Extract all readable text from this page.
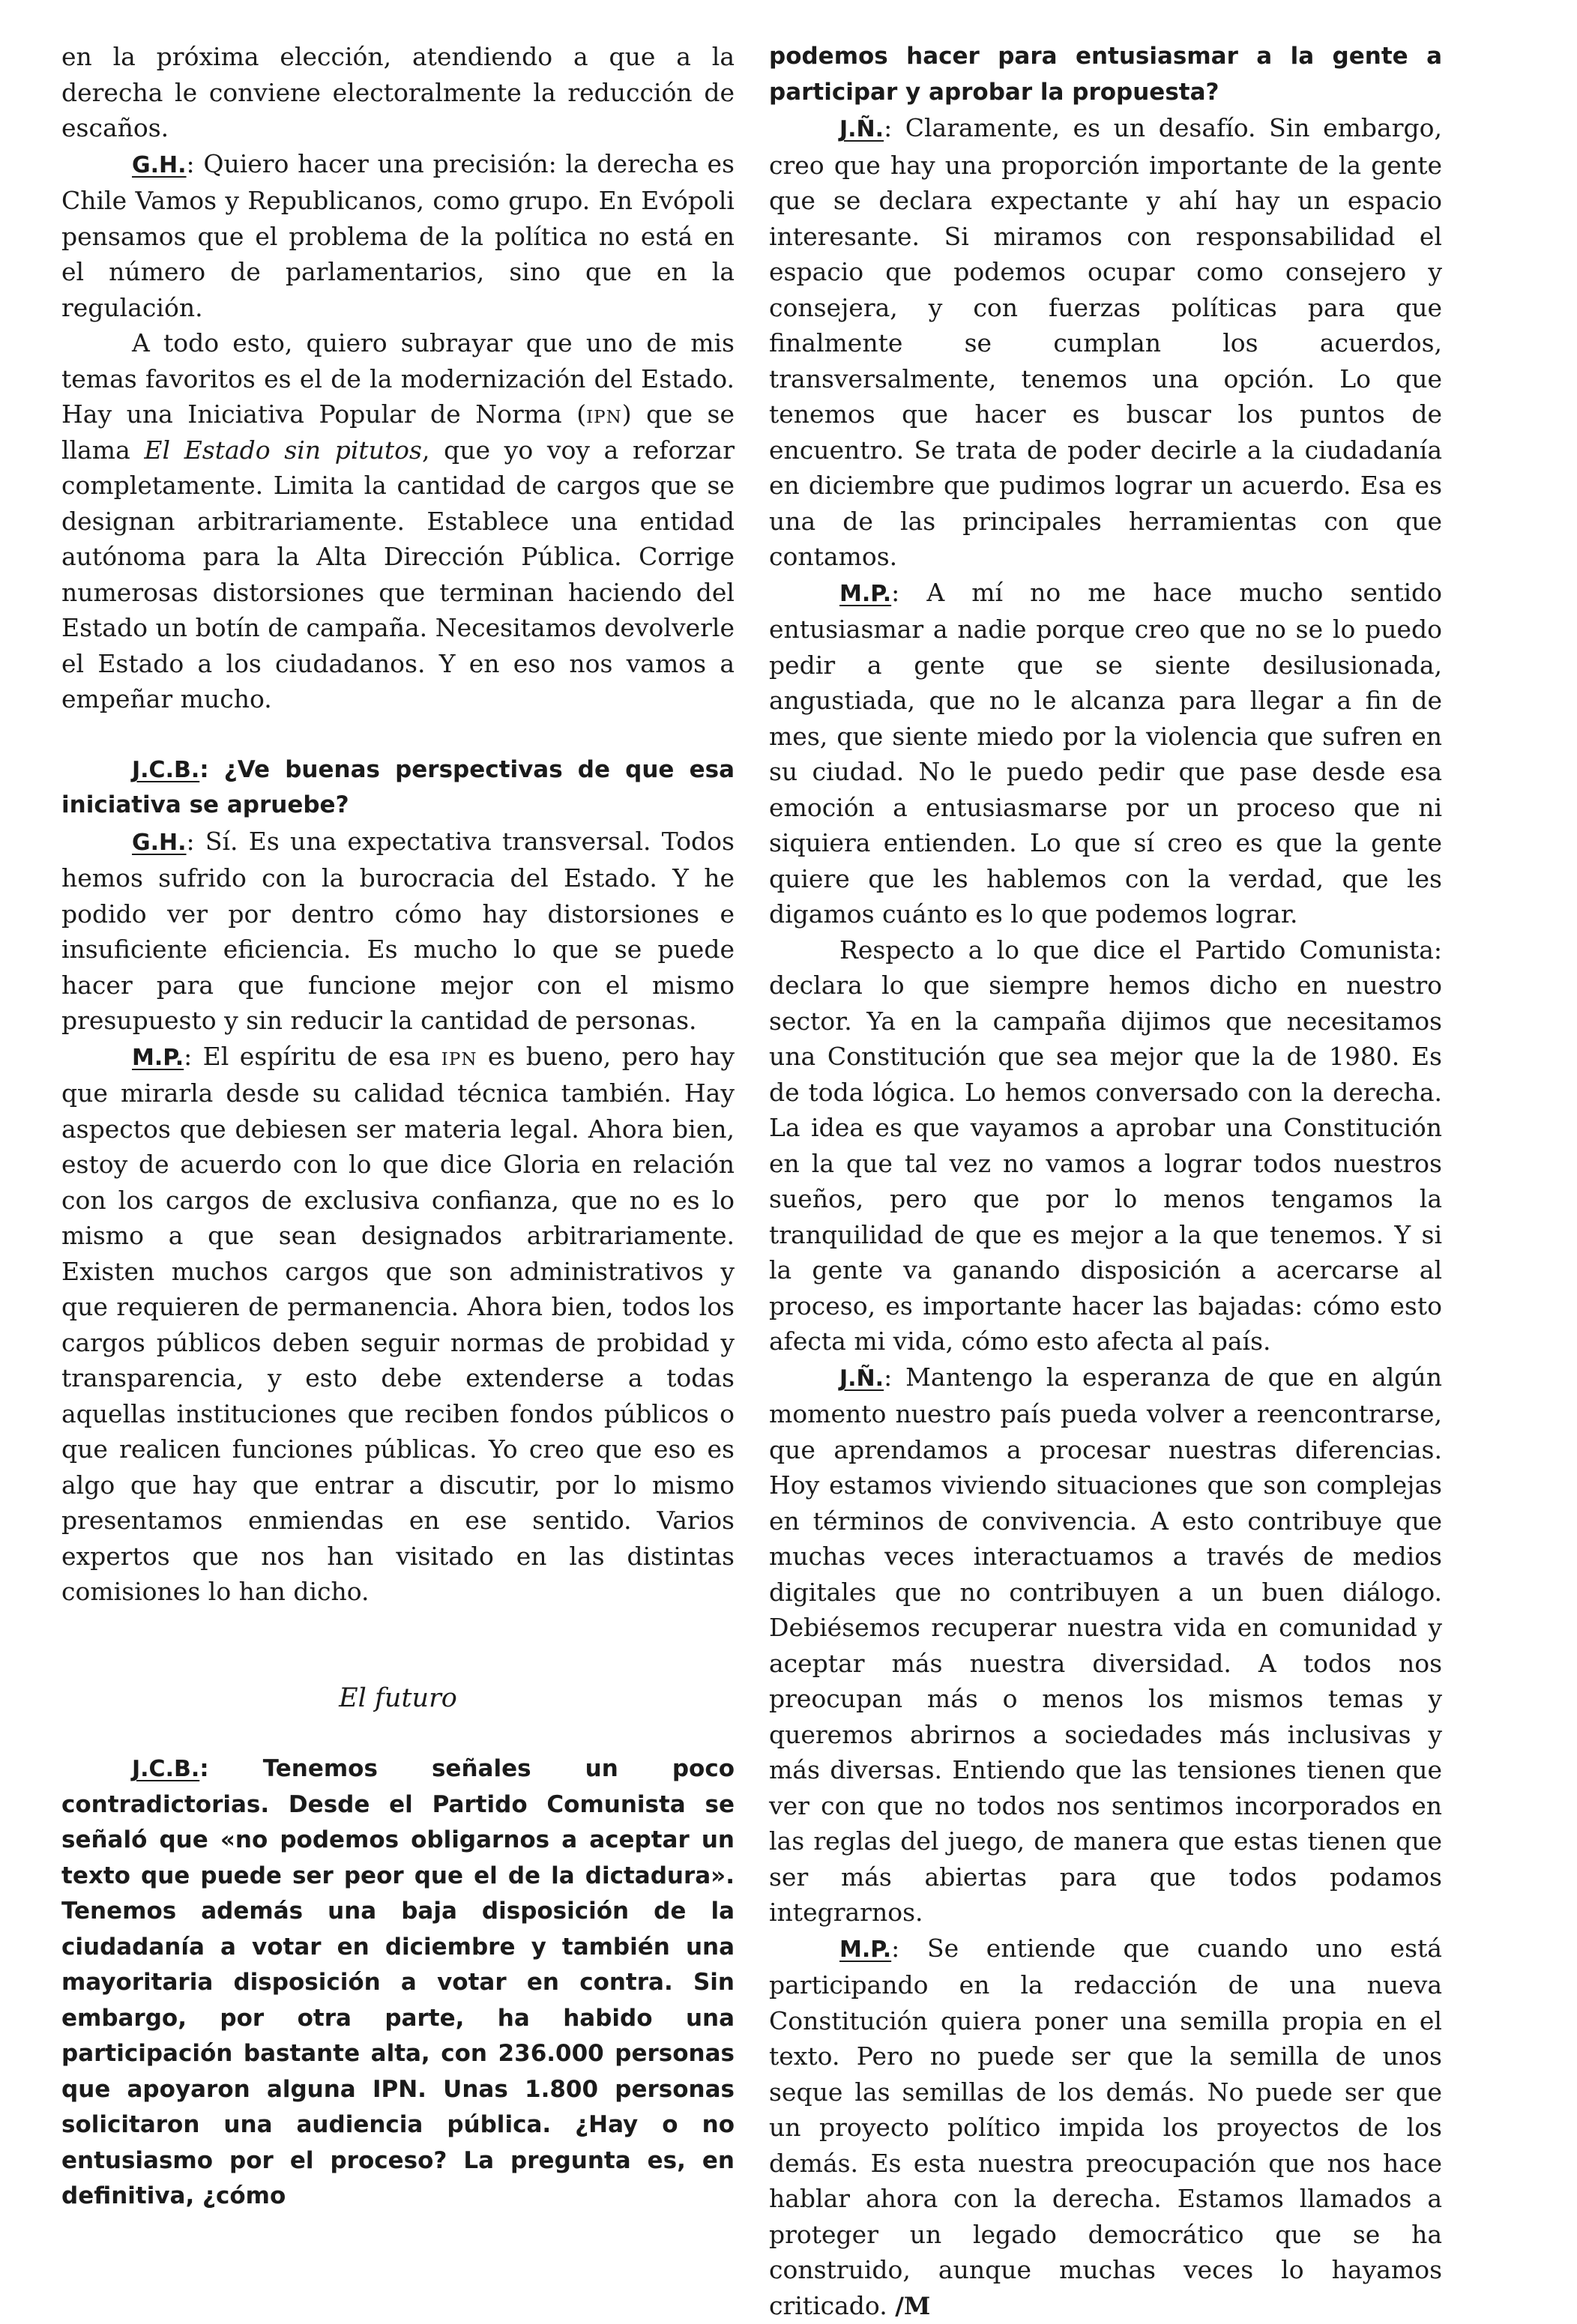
en la próxima elección, atendiendo a que a la derecha le conviene electoralmente la reducción de escaños.

G.H.: Quiero hacer una precisión: la derecha es Chile Vamos y Republicanos, como grupo. En Evópoli pensamos que el problema de la política no está en el número de parlamentarios, sino que en la regulación.

A todo esto, quiero subrayar que uno de mis temas favoritos es el de la modernización del Estado. Hay una Iniciativa Popular de Norma (ipn) que se llama El Estado sin pitutos, que yo voy a reforzar completamente. Limita la cantidad de cargos que se designan arbitrariamente. Establece una entidad autónoma para la Alta Dirección Pública. Corrige numerosas distorsiones que terminan haciendo del Estado un botín de campaña. Necesitamos devolverle el Estado a los ciudadanos. Y en eso nos vamos a empeñar mucho.

J.C.B.: ¿Ve buenas perspectivas de que esa iniciativa se apruebe?

G.H.: Sí. Es una expectativa transversal. Todos hemos sufrido con la burocracia del Estado. Y he podido ver por dentro cómo hay distorsiones e insuficiente eficiencia. Es mucho lo que se puede hacer para que funcione mejor con el mismo presupuesto y sin reducir la cantidad de personas.

M.P.: El espíritu de esa ipn es bueno, pero hay que mirarla desde su calidad técnica también. Hay aspectos que debiesen ser materia legal. Ahora bien, estoy de acuerdo con lo que dice Gloria en relación con los cargos de exclusiva confianza, que no es lo mismo a que sean designados arbitrariamente. Existen muchos cargos que son administrativos y que requieren de permanencia. Ahora bien, todos los cargos públicos deben seguir normas de probidad y transparencia, y esto debe extenderse a todas aquellas instituciones que reciben fondos públicos o que realicen funciones públicas. Yo creo que eso es algo que hay que entrar a discutir, por lo mismo presentamos enmiendas en ese sentido. Varios expertos que nos han visitado en las distintas comisiones lo han dicho.

El futuro

J.C.B.: Tenemos señales un poco contradictorias. Desde el Partido Comunista se señaló que «no podemos obligarnos a aceptar un texto que puede ser peor que el de la dictadura». Tenemos además una baja disposición de la ciudadanía a votar en diciembre y también una mayoritaria disposición a votar en contra. Sin embargo, por otra parte, ha habido una participación bastante alta, con 236.000 personas que apoyaron alguna IPN. Unas 1.800 personas solicitaron una audiencia pública. ¿Hay o no entusiasmo por el proceso? La pregunta es, en definitiva, ¿cómo

podemos hacer para entusiasmar a la gente a participar y aprobar la propuesta?

J.Ñ.: Claramente, es un desafío. Sin embargo, creo que hay una proporción importante de la gente que se declara expectante y ahí hay un espacio interesante. Si miramos con responsabilidad el espacio que podemos ocupar como consejero y consejera, y con fuerzas políticas para que finalmente se cumplan los acuerdos, transversalmente, tenemos una opción. Lo que tenemos que hacer es buscar los puntos de encuentro. Se trata de poder decirle a la ciudadanía en diciembre que pudimos lograr un acuerdo. Esa es una de las principales herramientas con que contamos.

M.P.: A mí no me hace mucho sentido entusiasmar a nadie porque creo que no se lo puedo pedir a gente que se siente desilusionada, angustiada, que no le alcanza para llegar a fin de mes, que siente miedo por la violencia que sufren en su ciudad. No le puedo pedir que pase desde esa emoción a entusiasmarse por un proceso que ni siquiera entienden. Lo que sí creo es que la gente quiere que les hablemos con la verdad, que les digamos cuánto es lo que podemos lograr.

Respecto a lo que dice el Partido Comunista: declara lo que siempre hemos dicho en nuestro sector. Ya en la campaña dijimos que necesitamos una Constitución que sea mejor que la de 1980. Es de toda lógica. Lo hemos conversado con la derecha. La idea es que vayamos a aprobar una Constitución en la que tal vez no vamos a lograr todos nuestros sueños, pero que por lo menos tengamos la tranquilidad de que es mejor a la que tenemos. Y si la gente va ganando disposición a acercarse al proceso, es importante hacer las bajadas: cómo esto afecta mi vida, cómo esto afecta al país.

J.Ñ.: Mantengo la esperanza de que en algún momento nuestro país pueda volver a reencontrarse, que aprendamos a procesar nuestras diferencias. Hoy estamos viviendo situaciones que son complejas en términos de convivencia. A esto contribuye que muchas veces interactuamos a través de medios digitales que no contribuyen a un buen diálogo. Debiésemos recuperar nuestra vida en comunidad y aceptar más nuestra diversidad. A todos nos preocupan más o menos los mismos temas y queremos abrirnos a sociedades más inclusivas y más diversas. Entiendo que las tensiones tienen que ver con que no todos nos sentimos incorporados en las reglas del juego, de manera que estas tienen que ser más abiertas para que todos podamos integrarnos.

M.P.: Se entiende que cuando uno está participando en la redacción de una nueva Constitución quiera poner una semilla propia en el texto. Pero no puede ser que la semilla de unos seque las semillas de los demás. No puede ser que un proyecto político impida los proyectos de los demás. Es esta nuestra preocupación que nos hace hablar ahora con la derecha. Estamos llamados a proteger un legado democrático que se ha construido, aunque muchas veces lo hayamos criticado. /M
